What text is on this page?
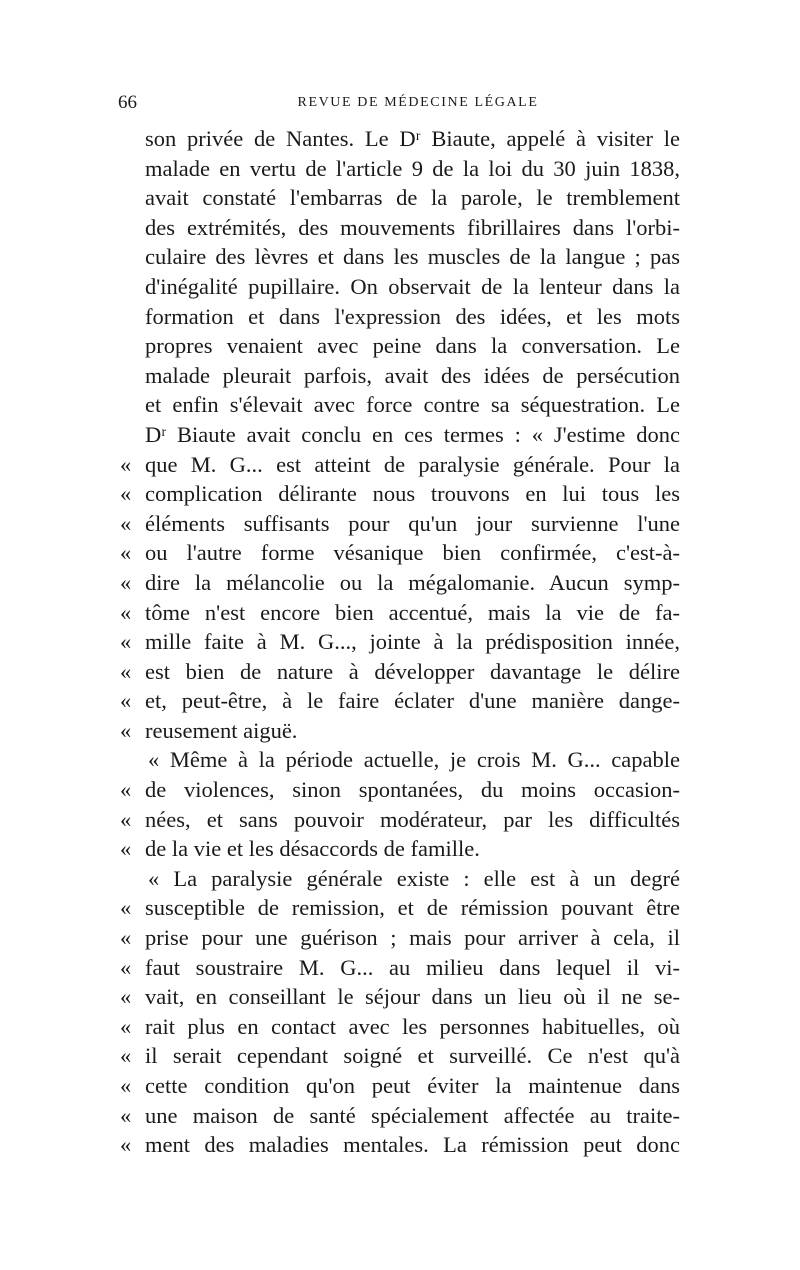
66	REVUE DE MÉDECINE LÉGALE
son privée de Nantes. Le Dʳ Biaute, appelé à visiter le
malade en vertu de l'article 9 de la loi du 30 juin 1838,
avait constaté l'embarras de la parole, le tremblement
des extrémités, des mouvements fibrillaires dans l'orbi-
culaire des lèvres et dans les muscles de la langue ; pas
d'inégalité pupillaire. On observait de la lenteur dans la
formation et dans l'expression des idées, et les mots
propres venaient avec peine dans la conversation. Le
malade pleurait parfois, avait des idées de persécution
et enfin s'élevait avec force contre sa séquestration. Le
Dʳ Biaute avait conclu en ces termes : « J'estime donc
« que M. G... est atteint de paralysie générale. Pour la
« complication délirante nous trouvons en lui tous les
« éléments suffisants pour qu'un jour survienne l'une
« ou l'autre forme vésanique bien confirmée, c'est-à-
« dire la mélancolie ou la mégalomanie. Aucun symp-
« tôme n'est encore bien accentué, mais la vie de fa-
« mille faite à M. G..., jointe à la prédisposition innée,
« est bien de nature à développer davantage le délire
« et, peut-être, à le faire éclater d'une manière dange-
« reusement aiguë.
« Même à la période actuelle, je crois M. G... capable
« de violences, sinon spontanées, du moins occasion-
« nées, et sans pouvoir modérateur, par les difficultés
« de la vie et les désaccords de famille.
« La paralysie générale existe : elle est à un degré
« susceptible de remission, et de rémission pouvant être
« prise pour une guérison ; mais pour arriver à cela, il
« faut soustraire M. G... au milieu dans lequel il vi-
« vait, en conseillant le séjour dans un lieu où il ne se-
« rait plus en contact avec les personnes habituelles, où
« il serait cependant soigné et surveillé. Ce n'est qu'à
« cette condition qu'on peut éviter la maintenue dans
« une maison de santé spécialement affectée au traite-
« ment des maladies mentales. La rémission peut donc
